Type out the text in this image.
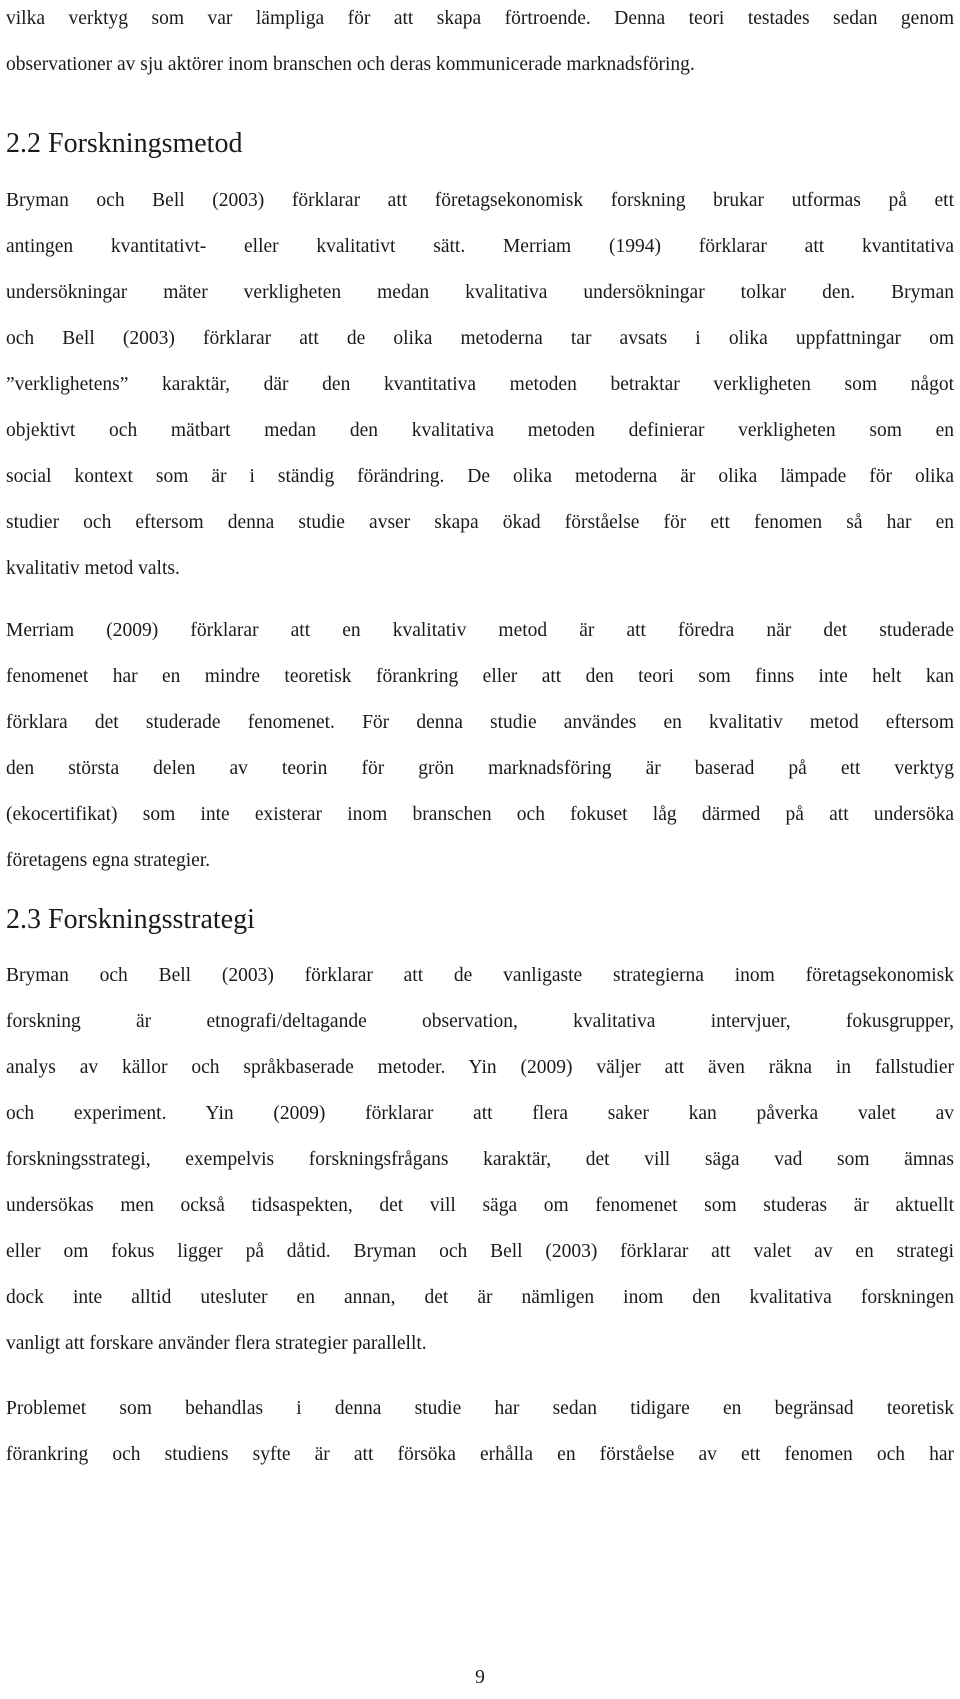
vilka verktyg som var lämpliga för att skapa förtroende. Denna teori testades sedan genom
observationer av sju aktörer inom branschen och deras kommunicerade marknadsföring.
2.2 Forskningsmetod
Bryman och Bell (2003) förklarar att företagsekonomisk forskning brukar utformas på ett
antingen kvantitativt- eller kvalitativt sätt. Merriam (1994) förklarar att kvantitativa
undersökningar mäter verkligheten medan kvalitativa undersökningar tolkar den. Bryman
och Bell (2003) förklarar att de olika metoderna tar avsats i olika uppfattningar om
”verklighetens” karaktär, där den kvantitativa metoden betraktar verkligheten som något
objektivt och mätbart medan den kvalitativa metoden definierar verkligheten som en
social kontext som är i ständig förändring. De olika metoderna är olika lämpade för olika
studier och eftersom denna studie avser skapa ökad förståelse för ett fenomen så har en
kvalitativ metod valts.
Merriam (2009) förklarar att en kvalitativ metod är att föredra när det studerade
fenomenet har en mindre teoretisk förankring eller att den teori som finns inte helt kan
förklara det studerade fenomenet. För denna studie användes en kvalitativ metod eftersom
den största delen av teorin för grön marknadsföring är baserad på ett verktyg
(ekocertifikat) som inte existerar inom branschen och fokuset låg därmed på att undersöka
företagens egna strategier.
2.3 Forskningsstrategi
Bryman och Bell (2003) förklarar att de vanligaste strategierna inom företagsekonomisk
forskning är etnografi/deltagande observation, kvalitativa intervjuer, fokusgrupper,
analys av källor och språkbaserade metoder. Yin (2009) väljer att även räkna in fallstudier
och experiment. Yin (2009) förklarar att flera saker kan påverka valet av
forskningsstrategi, exempelvis forskningsfrågans karaktär, det vill säga vad som ämnas
undersökas men också tidsaspekten, det vill säga om fenomenet som studeras är aktuellt
eller om fokus ligger på dåtid. Bryman och Bell (2003) förklarar att valet av en strategi
dock inte alltid utesluter en annan, det är nämligen inom den kvalitativa forskningen
vanligt att forskare använder flera strategier parallellt.
Problemet som behandlas i denna studie har sedan tidigare en begränsad teoretisk
förankring och studiens syfte är att försöka erhålla en förståelse av ett fenomen och har
9
